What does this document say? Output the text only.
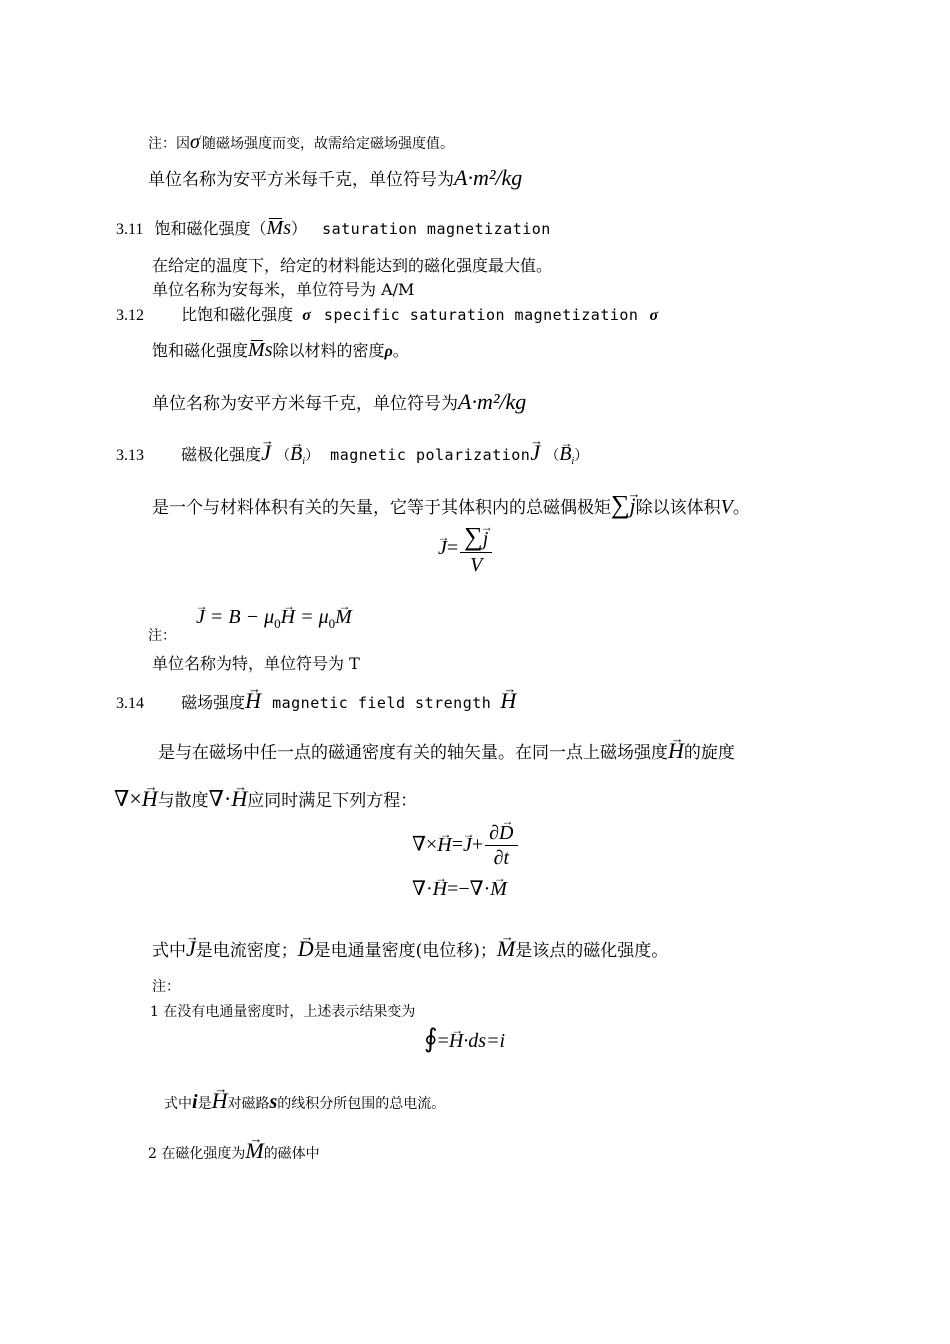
注：因σ′随磁场强度而变，故需给定磁场强度值。
单位名称为安平方米每千克，单位符号为A·m²/kg
3.11 饱和磁化强度（Ms） saturation magnetization
在给定的温度下，给定的材料能达到的磁化强度最大值。
单位名称为安每米，单位符号为 A/M
3.12 比饱和磁化强度 σ specific saturation magnetization σ
饱和磁化强度Ms除以材料的密度ρ。
单位名称为安平方米每千克，单位符号为A·m²/kg
3.13 磁极化强度→ J （→ $B_i$） magnetic polarization→ J （→ $B_i$）
是一个与材料体积有关的矢量，它等于其体积内的总磁偶极矩∑→ j除以该体积V。
→ $J= \frac{\sum\to j}{V}$
注：
→ $J = B - \mu_0\to H = \mu_0\to M$
单位名称为特，单位符号为 T
3.14 磁场强度→ H magnetic field strength → H
是与在磁场中任一点的磁通密度有关的轴矢量。在同一点上磁场强度→ H的旋度
∇×→ H与散度∇·→ H应同时满足下列方程：
∇×→ $H=\to J+ \frac{\partial\to D}{\partial t}$
∇·→ H=−∇·→ M
式中→ J是电流密度；→ D是电通量密度(电位移)；→ M是该点的磁化强度。
注：
1 在没有电通量密度时，上述表示结果变为
∮=→ H·ds=i
式中i是→ H对磁路s的线积分所包围的总电流。
2 在磁化强度为→ M的磁体中
